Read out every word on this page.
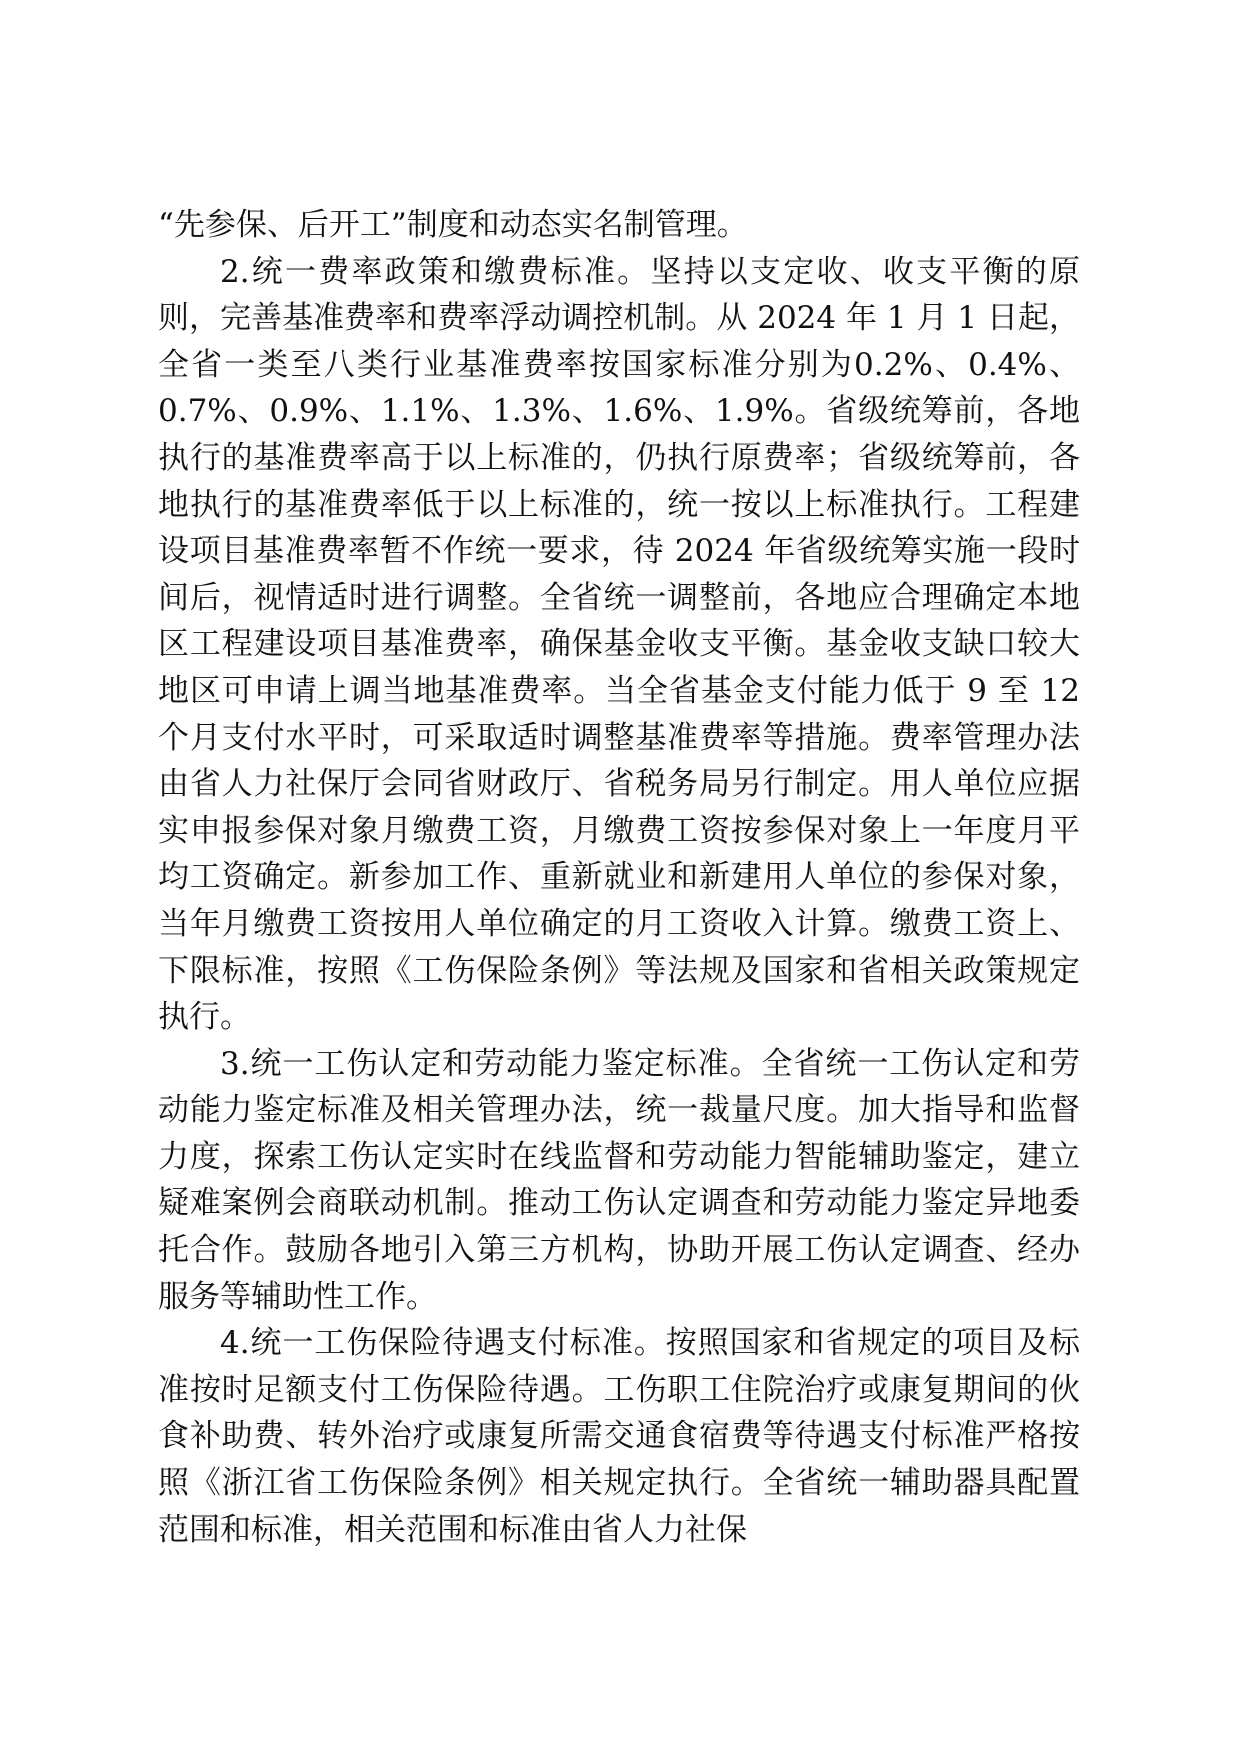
“先参保、后开工”制度和动态实名制管理。

2.统一费率政策和缴费标准。坚持以支定收、收支平衡的原则，完善基准费率和费率浮动调控机制。从 2024 年 1 月 1 日起，全省一类至八类行业基准费率按国家标准分别为0.2%、0.4%、0.7%、0.9%、1.1%、1.3%、1.6%、1.9%。省级统筹前，各地执行的基准费率高于以上标准的，仍执行原费率；省级统筹前，各地执行的基准费率低于以上标准的，统一按以上标准执行。工程建设项目基准费率暂不作统一要求，待 2024 年省级统筹实施一段时间后，视情适时进行调整。全省统一调整前，各地应合理确定本地区工程建设项目基准费率，确保基金收支平衡。基金收支缺口较大地区可申请上调当地基准费率。当全省基金支付能力低于 9 至 12 个月支付水平时，可采取适时调整基准费率等措施。费率管理办法由省人力社保厅会同省财政厅、省税务局另行制定。用人单位应据实申报参保对象月缴费工资，月缴费工资按参保对象上一年度月平均工资确定。新参加工作、重新就业和新建用人单位的参保对象，当年月缴费工资按用人单位确定的月工资收入计算。缴费工资上、下限标准，按照《工伤保险条例》等法规及国家和省相关政策规定执行。

3.统一工伤认定和劳动能力鉴定标准。全省统一工伤认定和劳动能力鉴定标准及相关管理办法，统一裁量尺度。加大指导和监督力度，探索工伤认定实时在线监督和劳动能力智能辅助鉴定，建立疑难案例会商联动机制。推动工伤认定调查和劳动能力鉴定异地委托合作。鼓励各地引入第三方机构，协助开展工伤认定调查、经办服务等辅助性工作。

4.统一工伤保险待遇支付标准。按照国家和省规定的项目及标准按时足额支付工伤保险待遇。工伤职工住院治疗或康复期间的伙食补助费、转外治疗或康复所需交通食宿费等待遇支付标准严格按照《浙江省工伤保险条例》相关规定执行。全省统一辅助器具配置范围和标准，相关范围和标准由省人力社保
